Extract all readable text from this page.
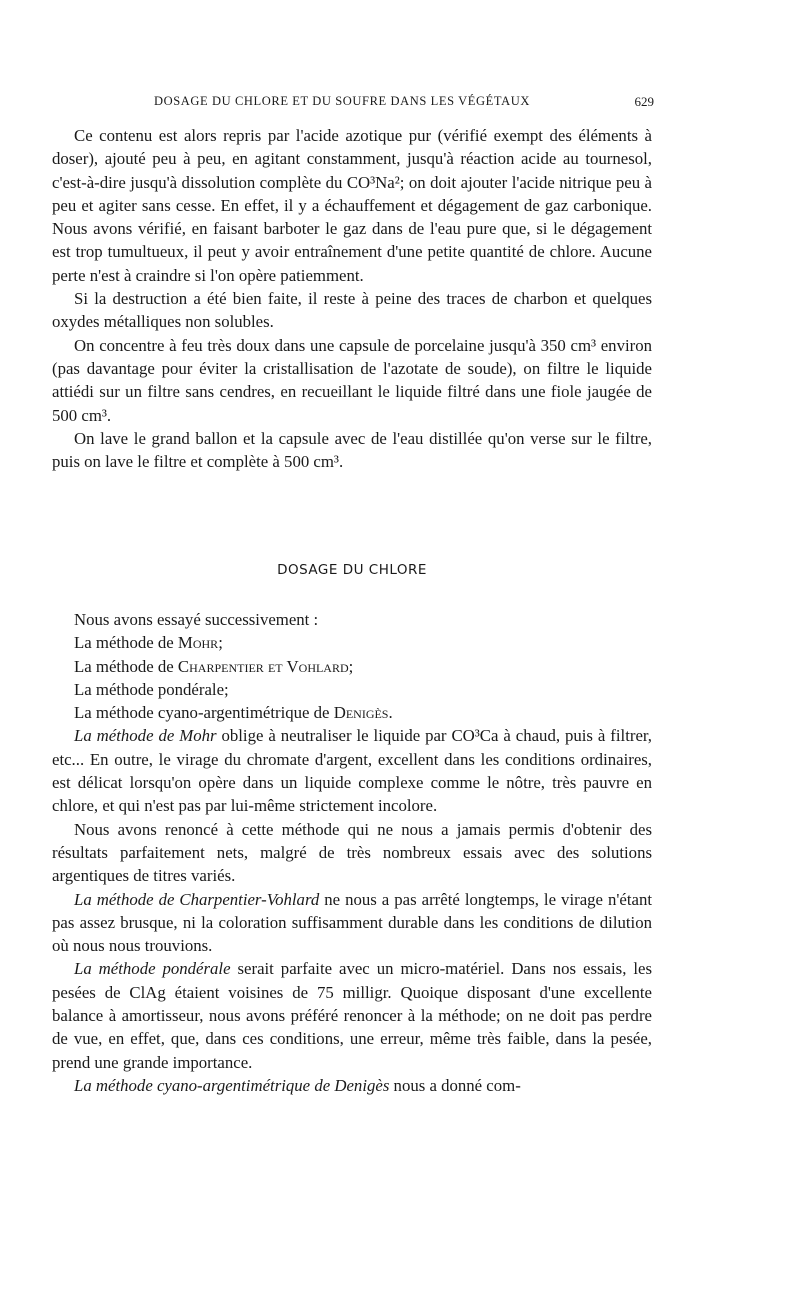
DOSAGE DU CHLORE ET DU SOUFRE DANS LES VÉGÉTAUX	629

Ce contenu est alors repris par l'acide azotique pur (vérifié exempt des éléments à doser), ajouté peu à peu, en agitant constamment, jusqu'à réaction acide au tournesol, c'est-à-dire jusqu'à dissolution complète du CO³Na²; on doit ajouter l'acide nitrique peu à peu et agiter sans cesse. En effet, il y a échauffement et dégagement de gaz carbonique. Nous avons vérifié, en faisant barboter le gaz dans de l'eau pure que, si le dégagement est trop tumultueux, il peut y avoir entraînement d'une petite quantité de chlore. Aucune perte n'est à craindre si l'on opère patiemment.

Si la destruction a été bien faite, il reste à peine des traces de charbon et quelques oxydes métalliques non solubles.

On concentre à feu très doux dans une capsule de porcelaine jusqu'à 350 cm³ environ (pas davantage pour éviter la cristallisation de l'azotate de soude), on filtre le liquide attiédi sur un filtre sans cendres, en recueillant le liquide filtré dans une fiole jaugée de 500 cm³.

On lave le grand ballon et la capsule avec de l'eau distillée qu'on verse sur le filtre, puis on lave le filtre et complète à 500 cm³.

DOSAGE DU CHLORE

Nous avons essayé successivement :

La méthode de Mohr;
La méthode de Charpentier et Vohlard;
La méthode pondérale;
La méthode cyano-argentimétrique de Denigès.

La méthode de Mohr oblige à neutraliser le liquide par CO³Ca à chaud, puis à filtrer, etc... En outre, le virage du chromate d'argent, excellent dans les conditions ordinaires, est délicat lorsqu'on opère dans un liquide complexe comme le nôtre, très pauvre en chlore, et qui n'est pas par lui-même strictement incolore.

Nous avons renoncé à cette méthode qui ne nous a jamais permis d'obtenir des résultats parfaitement nets, malgré de très nombreux essais avec des solutions argentiques de titres variés.

La méthode de Charpentier-Vohlard ne nous a pas arrêté longtemps, le virage n'étant pas assez brusque, ni la coloration suffisamment durable dans les conditions de dilution où nous nous trouvions.

La méthode pondérale serait parfaite avec un micro-matériel. Dans nos essais, les pesées de ClAg étaient voisines de 75 milligr. Quoique disposant d'une excellente balance à amortisseur, nous avons préféré renoncer à la méthode; on ne doit pas perdre de vue, en effet, que, dans ces conditions, une erreur, même très faible, dans la pesée, prend une grande importance.

La méthode cyano-argentimétrique de Denigès nous a donné com-
